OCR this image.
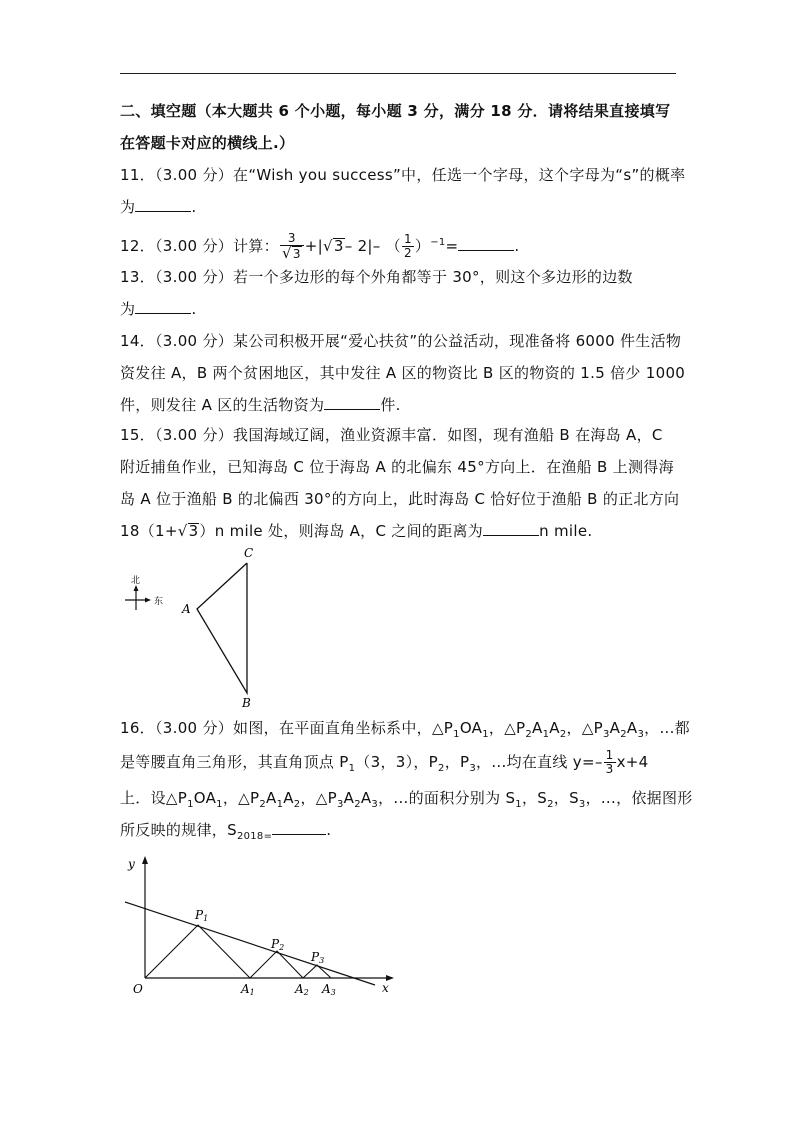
二、填空题（本大题共 6 个小题，每小题 3 分，满分 18 分．请将结果直接填写
在答题卡对应的横线上.）
11．（3.00 分）在“Wish you success”中，任选一个字母，这个字母为“s”的概率
为	.
12．（3.00 分）计算： $\frac{3}{√3} +|√3-$ 2|– （ $\frac{1}{2} )^{-1}=$	.
13．（3.00 分）若一个多边形的每个外角都等于 30°，则这个多边形的边数
为	.
14．（3.00 分）某公司积极开展“爱心扶贫”的公益活动，现准备将 6000 件生活物
资发往 A，B 两个贫困地区，其中发往 A 区的物资比 B 区的物资的 1.5 倍少 1000
件，则发往 A 区的生活物资为	件.
15．（3.00 分）我国海域辽阔，渔业资源丰富．如图，现有渔船 B 在海岛 A，C
附近捕鱼作业，已知海岛 C 位于海岛 A 的北偏东 45°方向上．在渔船 B 上测得海
岛 A 位于渔船 B 的北偏西 30°的方向上，此时海岛 C 恰好位于渔船 B 的正北方向
18（1+√3）n mile 处，则海岛 A，C 之间的距离为	n mile.
北
东
C
A
B
16．（3.00 分）如图，在平面直角坐标系中，$\triangle P_1OA_1$，$\triangle P_2A_1A_2$，$\triangle P_3A_2A_3$，...都
是等腰直角三角形，其直角顶点 $P_1(3$，3），$P_2$，$P_3$，...均在直线 $y=- \frac{1}{3} x+4$
上．设$\triangle P_1OA_1$，$\triangle P_2A_1A_2$，$\triangle P_3A_2A_3$，...的面积分别为 $S_1$，$S_2$，$S_3$，...，依据图形
所反映的规律，$S_{2018=}$	.
y
x
O
P1
P2
P3
A1	A2 A3
